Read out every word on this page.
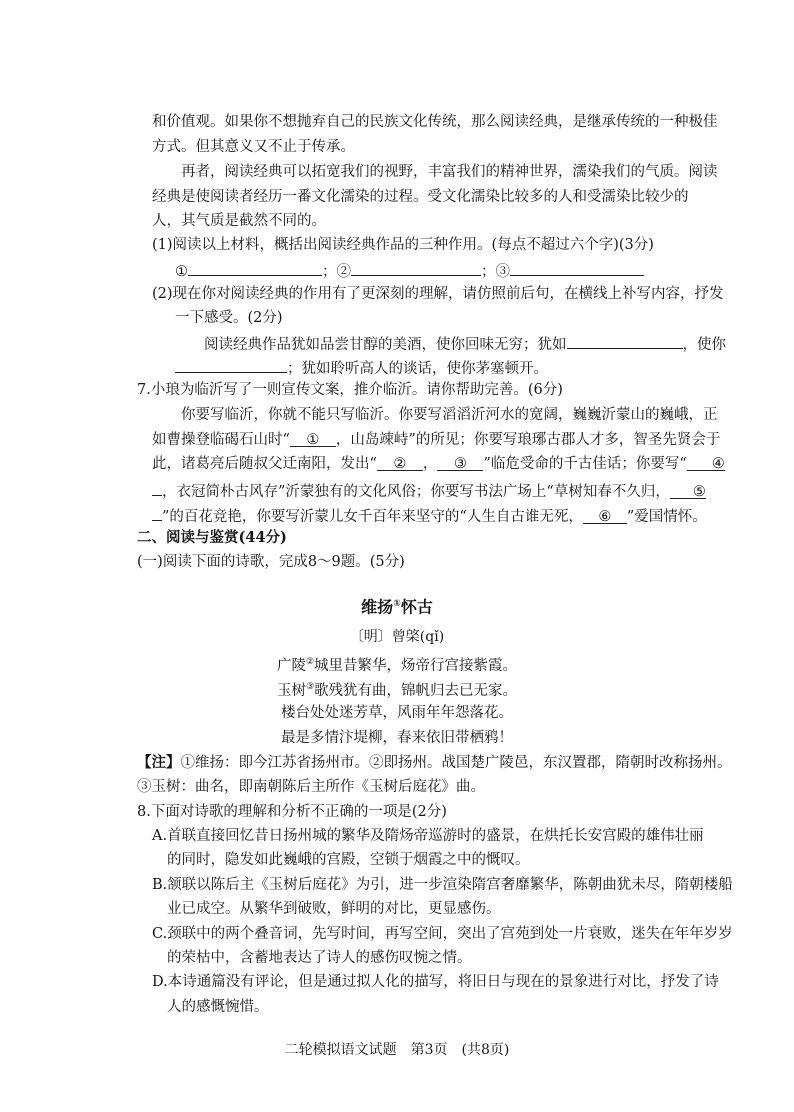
和价值观。如果你不想抛弃自己的民族文化传统，那么阅读经典，是继承传统的一种极佳
方式。但其意义又不止于传承。
再者，阅读经典可以拓宽我们的视野，丰富我们的精神世界，濡染我们的气质。阅读
经典是使阅读者经历一番文化濡染的过程。受文化濡染比较多的人和受濡染比较少的
人，其气质是截然不同的。
(1)阅读以上材料，概括出阅读经典作品的三种作用。(每点不超过六个字)(3分)
①	；②	；③
(2)现在你对阅读经典的作用有了更深刻的理解，请仿照前后句，在横线上补写内容，抒发
一下感受。(2分)
阅读经典作品犹如品尝甘醇的美酒，使你回味无穷；犹如	，使你
；犹如聆听高人的谈话，使你茅塞顿开。
7.小琅为临沂写了一则宣传文案，推介临沂。请你帮助完善。(6分)
你要写临沂，你就不能只写临沂。你要写滔滔沂河水的宽阔，巍巍沂蒙山的巍峨，正
如曹操登临碣石山时“ ① ，山岛竦峙”的所见；你要写琅琊古郡人才多，智圣先贤会于
此，诸葛亮后随叔父迁南阳，发出“ ② ， ③ ”临危受命的千古佳话；你要写“ ④
，衣冠简朴古风存”沂蒙独有的文化风俗；你要写书法广场上“草树知春不久归， ⑤
”的百花竞艳，你要写沂蒙儿女千百年来坚守的“人生自古谁无死， ⑥ ”爱国情怀。
二、阅读与鉴赏(44分)
(一)阅读下面的诗歌，完成8～9题。(5分)
维扬①怀古
〔明〕曾棨(qǐ)
广陵②城里昔繁华，炀帝行宫接紫霞。
玉树③歌残犹有曲，锦帆归去已无家。
楼台处处迷芳草，风雨年年怨落花。
最是多情汴堤柳，春来依旧带栖鸦！
【注】①维扬：即今江苏省扬州市。②即扬州。战国楚广陵邑，东汉置郡，隋朝时改称扬州。
③玉树：曲名，即南朝陈后主所作《玉树后庭花》曲。
8.下面对诗歌的理解和分析不正确的一项是(2分)
A.首联直接回忆昔日扬州城的繁华及隋炀帝巡游时的盛景，在烘托长安宫殿的雄伟壮丽
的同时，隐发如此巍峨的宫殿，空锁于烟霞之中的慨叹。
B.颔联以陈后主《玉树后庭花》为引，进一步渲染隋宫奢靡繁华，陈朝曲犹未尽，隋朝楼船
业已成空。从繁华到破败，鲜明的对比，更显感伤。
C.颈联中的两个叠音词，先写时间，再写空间，突出了宫苑到处一片衰败，迷失在年年岁岁
的荣枯中，含蓄地表达了诗人的感伤叹惋之情。
D.本诗通篇没有评论，但是通过拟人化的描写，将旧日与现在的景象进行对比，抒发了诗
人的感慨惋惜。
二轮模拟语文试题　第3页　(共8页)
